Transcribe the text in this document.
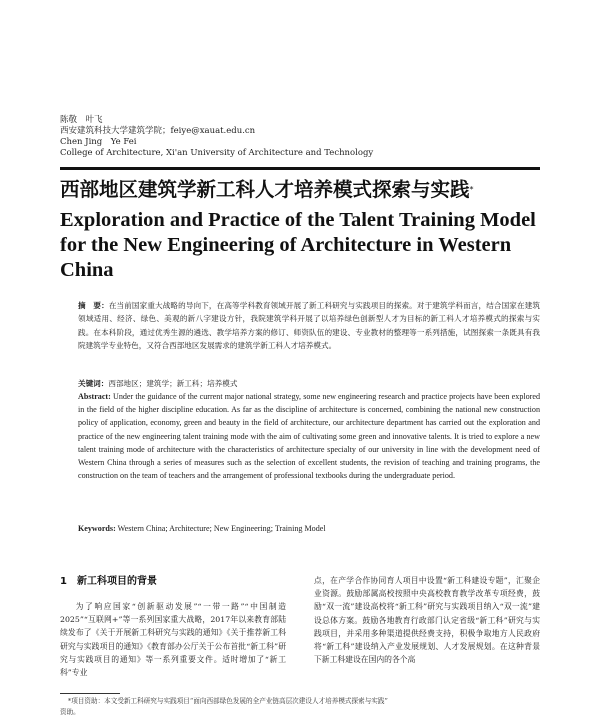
陈敬　叶飞
西安建筑科技大学建筑学院；feiye@xauat.edu.cn
Chen Jing　Ye Fei
College of Architecture, Xi'an University of Architecture and Technology
西部地区建筑学新工科人才培养模式探索与实践*
Exploration and Practice of the Talent Training Model for the New Engineering of Architecture in Western China
摘　要：在当前国家重大战略的导向下，在高等学科教育领域开展了新工科研究与实践项目的探索。对于建筑学科而言，结合国家在建筑领域适用、经济、绿色、美观的新八字建设方针，我院建筑学科开展了以培养绿色创新型人才为目标的新工科人才培养模式的探索与实践。在本科阶段，通过优秀生源的遴选、教学培养方案的修订、师资队伍的建设、专业教材的整理等一系列措施，试图探索一条既具有我院建筑学专业特色，又符合西部地区发展需求的建筑学新工科人才培养模式。
关键词：西部地区；建筑学；新工科；培养模式
Abstract: Under the guidance of the current major national strategy, some new engineering research and practice projects have been explored in the field of the higher discipline education. As far as the discipline of architecture is concerned, combining the national new construction policy of application, economy, green and beauty in the field of architecture, our architecture department has carried out the exploration and practice of the new engineering talent training mode with the aim of cultivating some green and innovative talents. It is tried to explore a new talent training mode of architecture with the characteristics of architecture specialty of our university in line with the development need of Western China through a series of measures such as the selection of excellent students, the revision of teaching and training programs, the construction on the team of teachers and the arrangement of professional textbooks during the undergraduate period.
Keywords: Western China; Architecture; New Engineering; Training Model
1　新工科项目的背景
为了响应国家“创新驱动发展”“一带一路”“中国制造2025”“互联网+”等一系列国家重大战略，2017年以来教育部陆续发布了《关于开展新工科研究与实践的通知》《关于推荐新工科研究与实践项目的通知》《教育部办公厅关于公布首批“新工科”研究与实践项目的通知》等一系列重要文件。适时增加了“新工科”专业
点，在产学合作协同育人项目中设置“新工科建设专题”，汇聚企业资源。鼓励部属高校按照中央高校教育教学改革专项经费，鼓励“双一流”建设高校将“新工科”研究与实践项目纳入“双一流”建设总体方案。鼓励各地教育行政部门认定省级“新工科”研究与实践项目，并采用多种渠道提供经费支持，积极争取地方人民政府将“新工科”建设纳入产业发展规划、人才发展规划。在这种背景下新工科建设在国内的各个高
*项目资助：本文受新工科研究与实践项目“面向西部绿色发展的全产业链高层次建设人才培养模式探索与实践”
资助。
